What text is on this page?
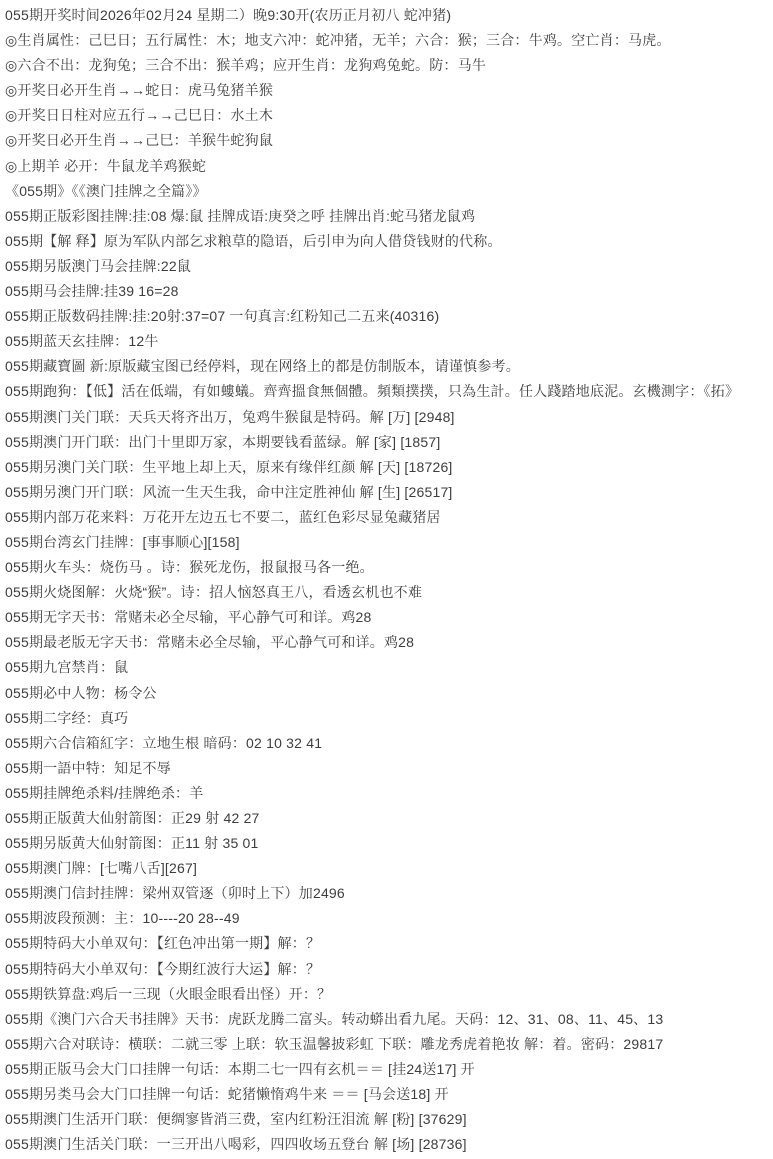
055期开奖时间2026年02月24 星期二）晚9:30开(农历正月初八 蛇冲猪)
◎生肖属性：己巳日；五行属性：木；地支六冲：蛇冲猪，无羊；六合：猴；三合：牛鸡。空亡肖：马虎。
◎六合不出：龙狗兔；三合不出：猴羊鸡；应开生肖：龙狗鸡兔蛇。防：马牛
◎开奖日必开生肖→→蛇日：虎马兔猪羊猴
◎开奖日日柱对应五行→→己巳日：水土木
◎开奖日必开生肖→→己巳：羊猴牛蛇狗鼠
◎上期羊 必开：牛鼠龙羊鸡猴蛇
《055期》《《澳门挂牌之全篇》》
055期正版彩图挂牌:挂:08 爆:鼠 挂牌成语:庚癸之呼 挂牌出肖:蛇马猪龙鼠鸡
055期【解 释】原为军队内部乞求粮草的隐语，后引申为向人借贷钱财的代称。
055期另版澳门马会挂牌:22鼠
055期马会挂牌:挂39 16=28
055期正版数码挂牌:挂:20射:37=07 一句真言:红粉知己二五来(40316)
055期蓝天玄挂牌：12牛
055期藏寶圖 新:原版藏宝图已经停料，现在网络上的都是仿制版本，请谨慎参考。
055期跑狗：【低】活在低端，有如螻蟻。齊齊搵食無個體。頻類撲撲，只為生計。任人踐踏地底泥。玄機測字：《拓》
055期澳门关门联：天兵天将齐出万，兔鸡牛猴鼠是特码。解 [万] [2948]
055期澳门开门联：出门十里即万家，本期要钱看蓝绿。解 [家] [1857]
055期另澳门关门联：生平地上却上天，原来有缘伴红颜 解 [天] [18726]
055期另澳门开门联：风流一生天生我，命中注定胜神仙 解 [生] [26517]
055期内部万花来料：万花开左边五七不要二，蓝红色彩尽显兔藏猪居
055期台湾玄门挂牌：[事事顺心][158]
055期火车头：烧伤马 。诗：猴死龙伤，报鼠报马各一绝。
055期火烧图解：火烧“猴”。诗：招人恼怒真王八，看透玄机也不难
055期无字天书：常赌未必全尽输，平心静气可和详。鸡28
055期最老版无字天书：常赌未必全尽输，平心静气可和详。鸡28
055期九宫禁肖：鼠
055期必中人物：杨令公
055期二字经：真巧
055期六合信箱紅字：立地生根 暗码：02 10 32 41
055期一語中特：知足不辱
055期挂牌绝杀料/挂牌绝杀：羊
055期正版黄大仙射箭图：正29 射 42 27
055期另版黄大仙射箭图：正11 射 35 01
055期澳门牌：[七嘴八舌][267]
055期澳门信封挂牌：梁州双管逐（卯时上下）加2496
055期波段预测：主：10----20 28--49
055期特码大小单双句：【红色冲出第一期】解：？
055期特码大小单双句：【今期红波行大运】解：？
055期铁算盘:鸡后一三现（火眼金眼看出怪）开：？
055期《澳门六合天书挂牌》天书：虎跃龙腾二富头。转动蟒出看九尾。天码：12、31、08、11、45、13
055期六合对联诗：横联：二就三零 上联：软玉温馨披彩虹 下联：雕龙秀虎着艳妆 解：着。密码：29817
055期正版马会大门口挂牌一句话：本期二七一四有玄机＝＝ [挂24送17] 开
055期另类马会大门口挂牌一句话：蛇猪懒惰鸡牛来 ＝＝ [马会送18] 开
055期澳门生活开门联：便绸寥皆消三费，室内红粉汪泪流 解 [粉] [37629]
055期澳门生活关门联：一三开出八喝彩，四四收场五登台 解 [场] [28736]
